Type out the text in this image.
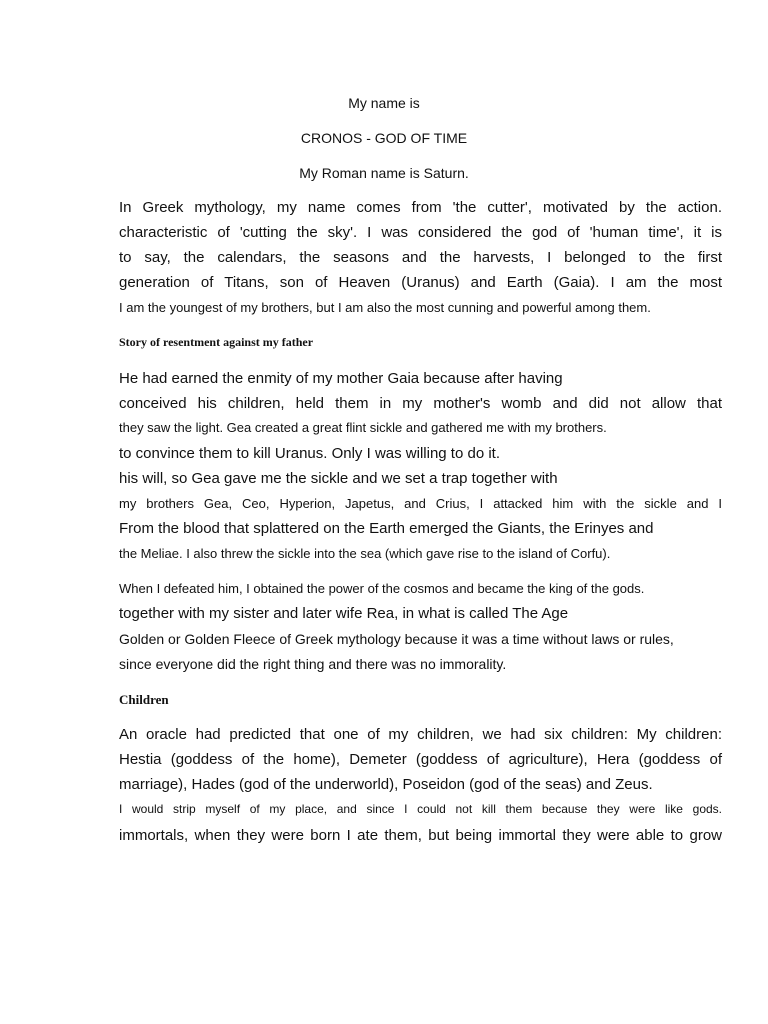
My name is
CRONOS - GOD OF TIME
My Roman name is Saturn.
In Greek mythology, my name comes from 'the cutter', motivated by the action.
characteristic of 'cutting the sky'. I was considered the god of 'human time', it is
to say, the calendars, the seasons and the harvests, I belonged to the first
generation of Titans, son of Heaven (Uranus) and Earth (Gaia). I am the most
I am the youngest of my brothers, but I am also the most cunning and powerful among them.
Story of resentment against my father
He had earned the enmity of my mother Gaia because after having
conceived his children, held them in my mother's womb and did not allow that
they saw the light. Gea created a great flint sickle and gathered me with my brothers.
to convince them to kill Uranus. Only I was willing to do it.
his will, so Gea gave me the sickle and we set a trap together with
my brothers Gea, Ceo, Hyperion, Japetus, and Crius, I attacked him with the sickle and I
From the blood that splattered on the Earth emerged the Giants, the Erinyes and
the Meliae. I also threw the sickle into the sea (which gave rise to the island of Corfu).
When I defeated him, I obtained the power of the cosmos and became the king of the gods.
together with my sister and later wife Rea, in what is called The Age
Golden or Golden Fleece of Greek mythology because it was a time without laws or rules,
since everyone did the right thing and there was no immorality.
Children
An oracle had predicted that one of my children, we had six children: My children:
Hestia (goddess of the home), Demeter (goddess of agriculture), Hera (goddess of
marriage), Hades (god of the underworld), Poseidon (god of the seas) and Zeus.
I would strip myself of my place, and since I could not kill them because they were like gods.
immortals, when they were born I ate them, but being immortal they were able to grow
